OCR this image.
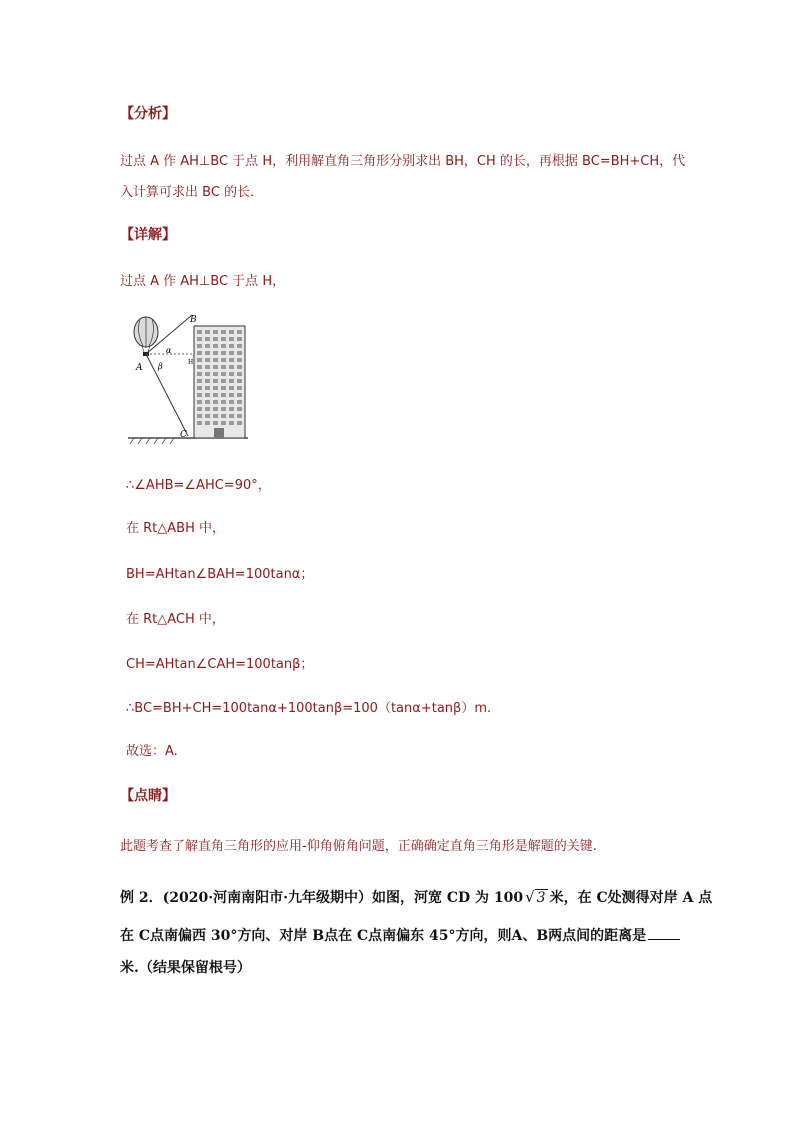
【分析】
过点 A 作 AH⊥BC 于点 H，利用解直角三角形分别求出 BH，CH 的长，再根据 BC=BH+CH，代
入计算可求出 BC 的长.
【详解】
过点 A 作 AH⊥BC 于点 H，
B
A
C
H
α
β
∴∠AHB=∠AHC=90°，
在 Rt△ABH 中，
BH=AHtan∠BAH=100tanα；
在 Rt△ACH 中，
CH=AHtan∠CAH=100tanβ；
∴BC=BH+CH=100tanα+100tanβ=100（tanα+tanβ）m.
故选：A.
【点睛】
此题考查了解直角三角形的应用-仰角俯角问题，正确确定直角三角形是解题的关键.
例 2．(2020·河南南阳市·九年级期中）如图，河宽 CD 为 100 √ 3 米，在 C处测得对岸 A 点
在 C点南偏西 30°方向、对岸 B点在 C点南偏东 45°方向，则A、B两点间的距离是
米.（结果保留根号）
